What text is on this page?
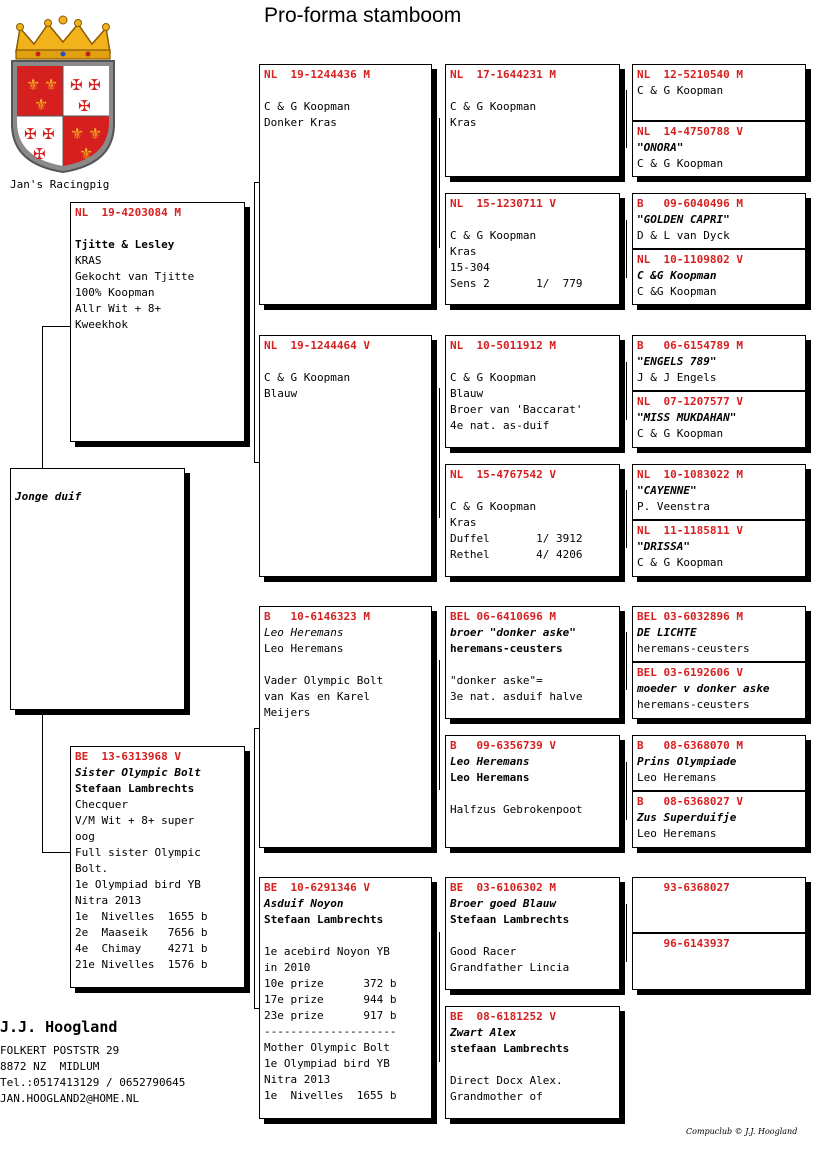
Pro-forma stamboom
⚜ ⚜
⚜
✠ ✠
✠
✠ ✠
✠
⚜ ⚜
⚜
Jan's Racingpig
Jonge duif
NL  19-4203084 M
Tjitte & Lesley
KRAS
Gekocht van Tjitte
100% Koopman
Allr Wit + 8+
Kweekhok
BE  13-6313968 V
Sister Olympic Bolt
Stefaan Lambrechts
Checquer
V/M Wit + 8+ super
oog
Full sister Olympic
Bolt.
1e Olympiad bird YB
Nitra 2013
1e  Nivelles  1655 b
2e  Maaseik   7656 b
4e  Chimay    4271 b
21e Nivelles  1576 b
NL  19-1244436 M
C & G Koopman
Donker Kras
NL  19-1244464 V
C & G Koopman
Blauw
B   10-6146323 M
Leo Heremans
Leo Heremans
Vader Olympic Bolt
van Kas en Karel
Meijers
BE  10-6291346 V
Asduif Noyon
Stefaan Lambrechts
1e acebird Noyon YB
in 2010
10e prize      372 b
17e prize      944 b
23e prize      917 b
--------------------
Mother Olympic Bolt
1e Olympiad bird YB
Nitra 2013
1e  Nivelles  1655 b
NL  17-1644231 M
C & G Koopman
Kras
NL  15-1230711 V
C & G Koopman
Kras
15-304
Sens 2       1/  779
NL  10-5011912 M
C & G Koopman
Blauw
Broer van 'Baccarat'
4e nat. as-duif
NL  15-4767542 V
C & G Koopman
Kras
Duffel       1/ 3912
Rethel       4/ 4206
BEL 06-6410696 M
broer "donker aske"
heremans-ceusters
"donker aske"=
3e nat. asduif halve
B   09-6356739 V
Leo Heremans
Leo Heremans
Halfzus Gebrokenpoot
BE  03-6106302 M
Broer goed Blauw
Stefaan Lambrechts
Good Racer
Grandfather Lincia
BE  08-6181252 V
Zwart Alex
stefaan Lambrechts
Direct Docx Alex.
Grandmother of
NL  12-5210540 M
C & G Koopman
NL  14-4750788 V
"ONORA"
C & G Koopman
B   09-6040496 M
"GOLDEN CAPRI"
D & L van Dyck
NL  10-1109802 V
C &G Koopman
C &G Koopman
B   06-6154789 M
"ENGELS 789"
J & J Engels
NL  07-1207577 V
"MISS MUKDAHAN"
C & G Koopman
NL  10-1083022 M
"CAYENNE"
P. Veenstra
NL  11-1185811 V
"DRISSA"
C & G Koopman
BEL 03-6032896 M
DE LICHTE
heremans-ceusters
BEL 03-6192606 V
moeder v donker aske
heremans-ceusters
B   08-6368070 M
Prins Olympiade
Leo Heremans
B   08-6368027 V
Zus Superduifje
Leo Heremans
93-6368027
96-6143937
J.J. Hoogland
FOLKERT POSTSTR 29
8872 NZ  MIDLUM
Tel.:0517413129 / 0652790645
JAN.HOOGLAND2@HOME.NL
Compuclub © J.J. Hoogland
